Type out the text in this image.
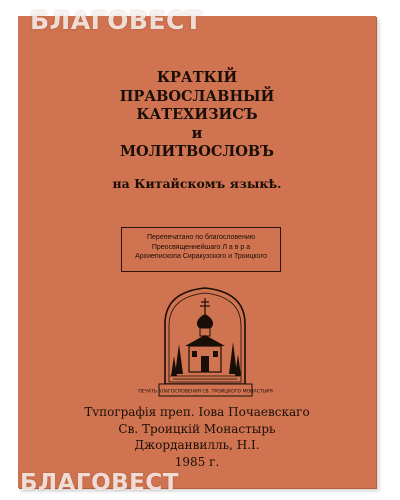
КРАТКIЙ
ПРАВОСЛАВНЫЙ
КАТЕХИЗИСЪ
и
МОЛИТВОСЛОВЪ
на Китайскомъ языкѣ.
Перепечатано по благословению
Преосвященнейшаго Л а в р а
Архиепископа Сиракузского и Троицкого
ПЕЧАТЬ БЛАГОСЛОВЕНИЯ СВ. ТРОИЦКОГО МОНАСТЫРЯ
Тvпографія преп. Іова Почаевскаго
Св. Троицкій Монастырь
Джорданвилль, Н.І.
1985 г.
БЛАГОВЕСТ
БЛАГОВЕСТ
